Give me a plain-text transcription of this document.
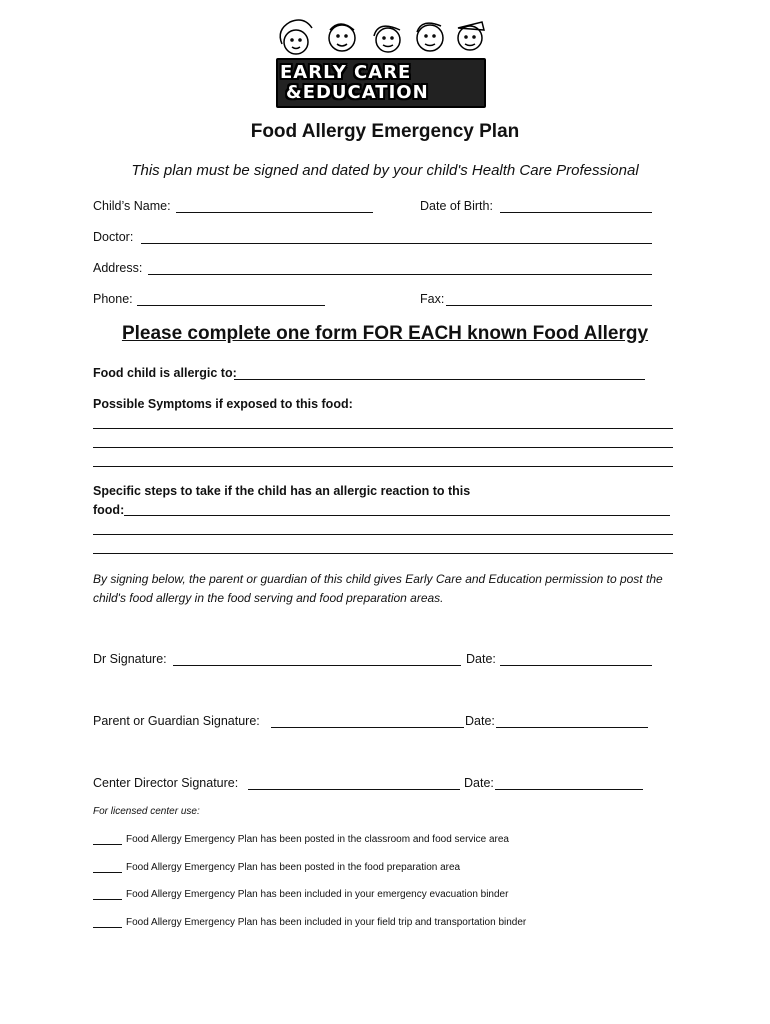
EARLY CARE
&EDUCATION
Food Allergy Emergency Plan
This plan must be signed and dated by your child's Health Care Professional
Child’s Name:	Date of Birth:
Doctor:
Address:
Phone:	Fax:
Please complete one form FOR EACH known Food Allergy
Food child is allergic to:
Possible Symptoms if exposed to this food:
Specific steps to take if the child has an allergic reaction to this
food:
By signing below, the parent or guardian of this child gives Early Care and Education permission to post the child's food allergy in the food serving and food preparation areas.
Dr Signature:	Date:
Parent or Guardian Signature:	Date:
Center Director Signature:	Date:
For licensed center use:
Food Allergy Emergency Plan has been posted in the classroom and food service area
Food Allergy Emergency Plan has been posted in the food preparation area
Food Allergy Emergency Plan has been included in your emergency evacuation binder
Food Allergy Emergency Plan has been included in your field trip and transportation binder
